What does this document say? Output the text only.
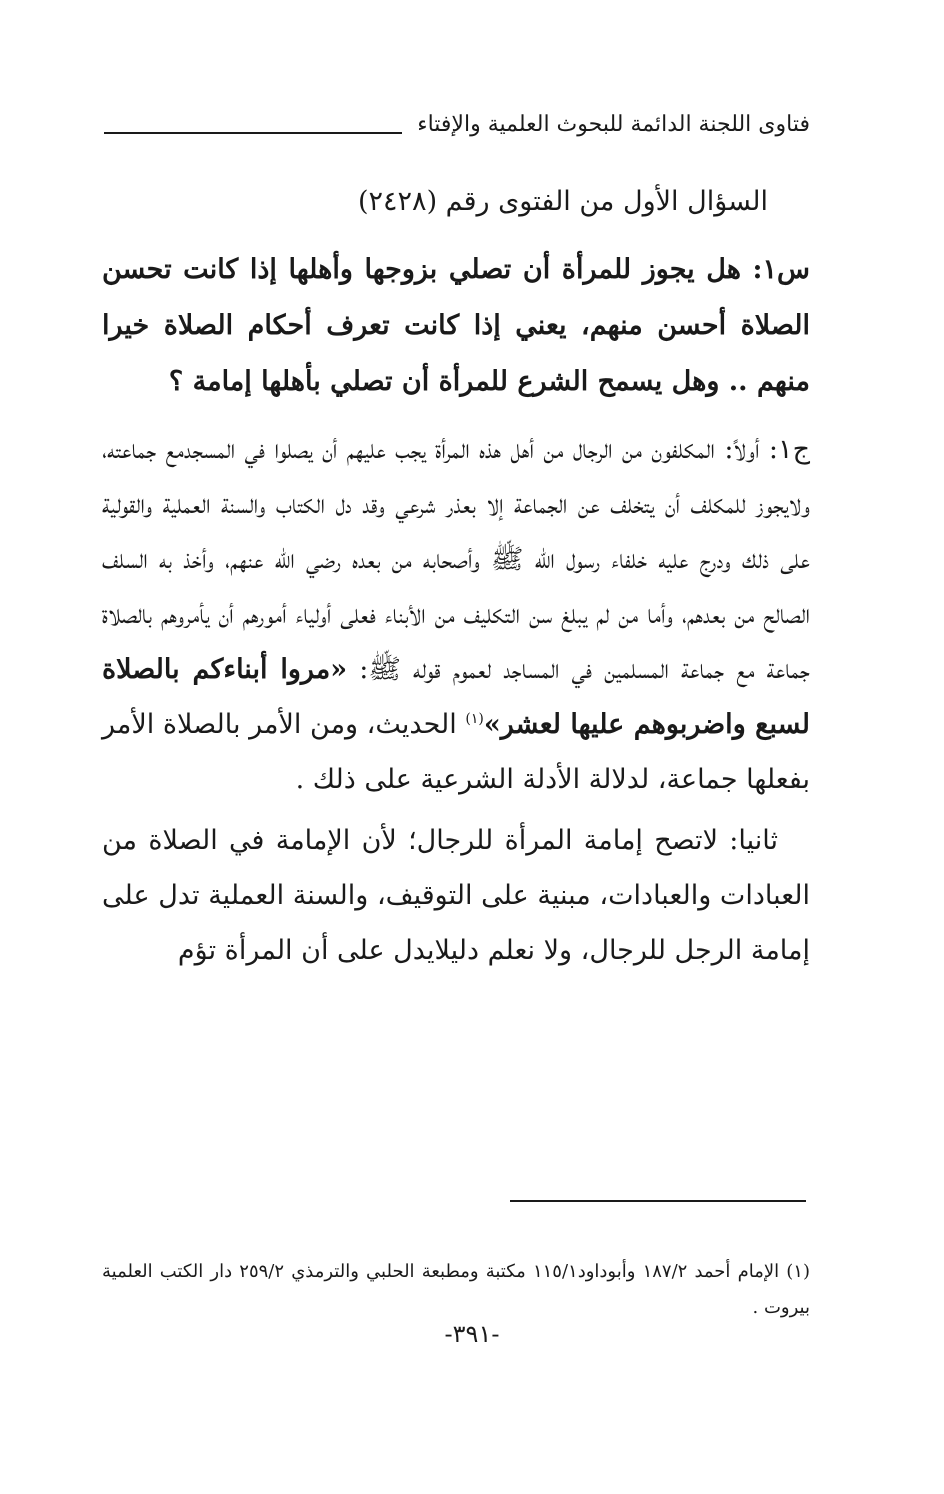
فتاوى اللجنة الدائمة للبحوث العلمية والإفتاء

السؤال الأول من الفتوى رقم (٢٤٢٨)

س١: هل يجوز للمرأة أن تصلي بزوجها وأهلها إذا كانت تحسن الصلاة أحسن منهم، يعني إذا كانت تعرف أحكام الصلاة خيرا منهم .. وهل يسمح الشرع للمرأة أن تصلي بأهلها إمامة ؟

ج١: أولاً: المكلفون من الرجال من أهل هذه المرأة يجب عليهم أن يصلوا في المسجدمع جماعته، ولايجوز للمكلف أن يتخلف عن الجماعة إلا بعذر شرعي وقد دل الكتاب والسنة العملية والقولية على ذلك ودرج عليه خلفاء رسول الله ﷺ وأصحابه من بعده رضي الله عنهم، وأخذ به السلف الصالح من بعدهم، وأما من لم يبلغ سن التكليف من الأبناء فعلى أولياء أمورهم أن يأمروهم بالصلاة جماعة مع جماعة المسلمين في المساجد لعموم قوله ﷺ: «مروا أبناءكم بالصلاة لسبع واضربوهم عليها لعشر»$^{(١)}$ الحديث، ومن الأمر بالصلاة الأمر بفعلها جماعة، لدلالة الأدلة الشرعية على ذلك .

ثانيا: لاتصح إمامة المرأة للرجال؛ لأن الإمامة في الصلاة من العبادات والعبادات، مبنية على التوقيف، والسنة العملية تدل على إمامة الرجل للرجال، ولا نعلم دليلايدل على أن المرأة تؤم

(١) الإمام أحمد ١٨٧/٢ وأبوداود١١٥/١ مكتبة ومطبعة الحلبي والترمذي ٢٥٩/٢ دار الكتب العلمية بيروت .

-٣٩١-
